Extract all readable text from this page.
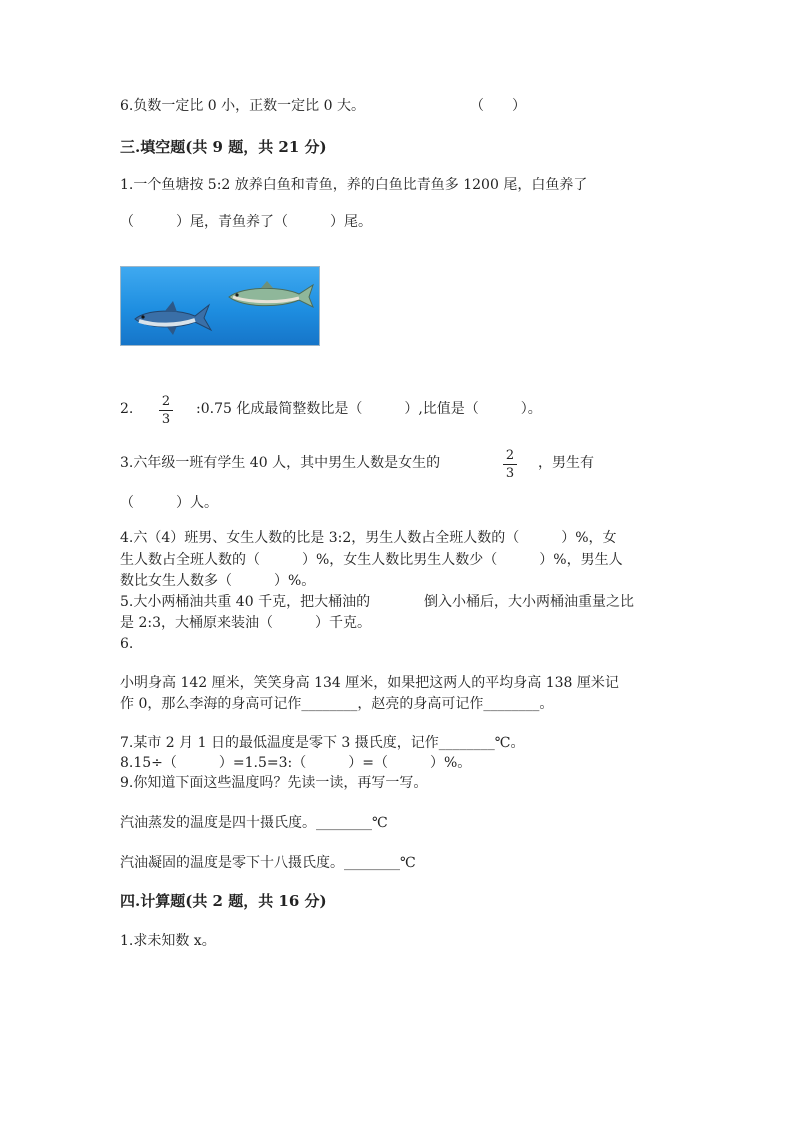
6.负数一定比 0 小，正数一定比 0 大。	（　　）
三.填空题(共 9 题，共 21 分)
1.一个鱼塘按 5:2 放养白鱼和青鱼，养的白鱼比青鱼多 1200 尾，白鱼养了
（　　　）尾，青鱼养了（　　　）尾。
2. 2
3
:0.75 化成最简整数比是（　　　）,比值是（　　　）。
3.六年级一班有学生 40 人，其中男生人数是女生的	2
3
，男生有
（　　　）人。
4.六（4）班男、女生人数的比是 3:2，男生人数占全班人数的（　　　）%，女
生人数占全班人数的（　　　）%，女生人数比男生人数少（　　　）%，男生人
数比女生人数多（　　　）%。
5.大小两桶油共重 40 千克，把大桶油的	倒入小桶后，大小两桶油重量之比
是 2:3，大桶原来装油（　　　）千克。
6.
小明身高 142 厘米，笑笑身高 134 厘米，如果把这两人的平均身高 138 厘米记
作 0，那么李海的身高可记作________，赵亮的身高可记作________。
7.某市 2 月 1 日的最低温度是零下 3 摄氏度，记作________℃。
8.15÷（　　　）=1.5=3:（　　　）=（　　　）%。
9.你知道下面这些温度吗？先读一读，再写一写。
汽油蒸发的温度是四十摄氏度。________℃
汽油凝固的温度是零下十八摄氏度。________℃
四.计算题(共 2 题，共 16 分)
1.求未知数 x。
